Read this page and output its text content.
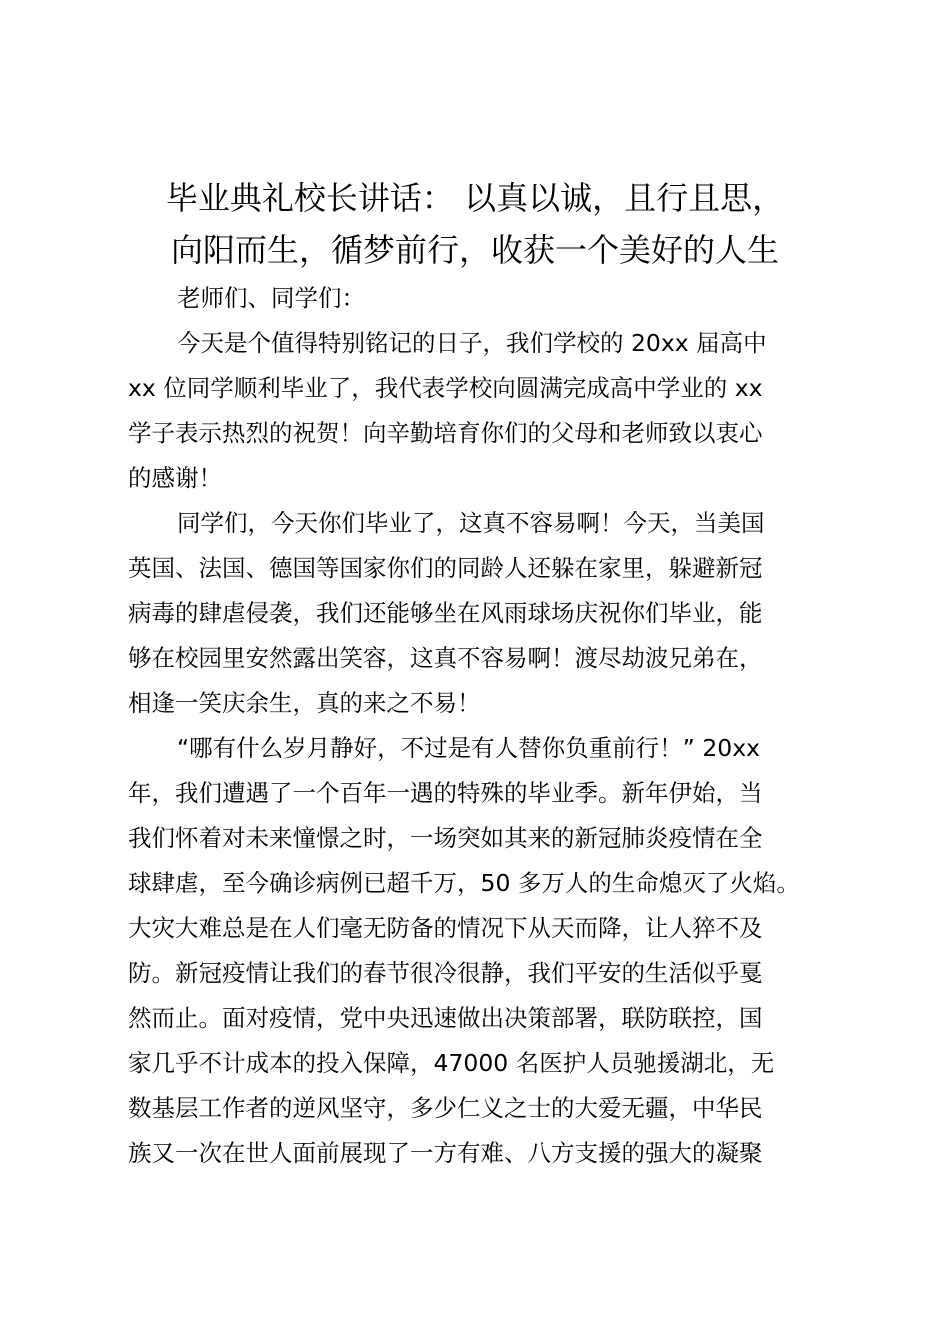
毕业典礼校长讲话： 以真以诚，且行且思，
向阳而生，循梦前行，收获一个美好的人生
老师们、同学们：
今天是个值得特别铭记的日子，我们学校的 20xx 届高中
xx 位同学顺利毕业了，我代表学校向圆满完成高中学业的 xx
学子表示热烈的祝贺！向辛勤培育你们的父母和老师致以衷心
的感谢！
同学们，今天你们毕业了，这真不容易啊！今天，当美国
英国、法国、德国等国家你们的同龄人还躲在家里，躲避新冠
病毒的肆虐侵袭，我们还能够坐在风雨球场庆祝你们毕业，能
够在校园里安然露出笑容，这真不容易啊！渡尽劫波兄弟在，
相逢一笑庆余生，真的来之不易！
“哪有什么岁月静好，不过是有人替你负重前行！” 20xx
年，我们遭遇了一个百年一遇的特殊的毕业季。新年伊始，当
我们怀着对未来憧憬之时，一场突如其来的新冠肺炎疫情在全
球肆虐，至今确诊病例已超千万，50 多万人的生命熄灭了火焰。
大灾大难总是在人们毫无防备的情况下从天而降，让人猝不及
防。新冠疫情让我们的春节很冷很静，我们平安的生活似乎戛
然而止。面对疫情，党中央迅速做出决策部署，联防联控，国
家几乎不计成本的投入保障，47000 名医护人员驰援湖北，无
数基层工作者的逆风坚守，多少仁义之士的大爱无疆，中华民
族又一次在世人面前展现了一方有难、八方支援的强大的凝聚
